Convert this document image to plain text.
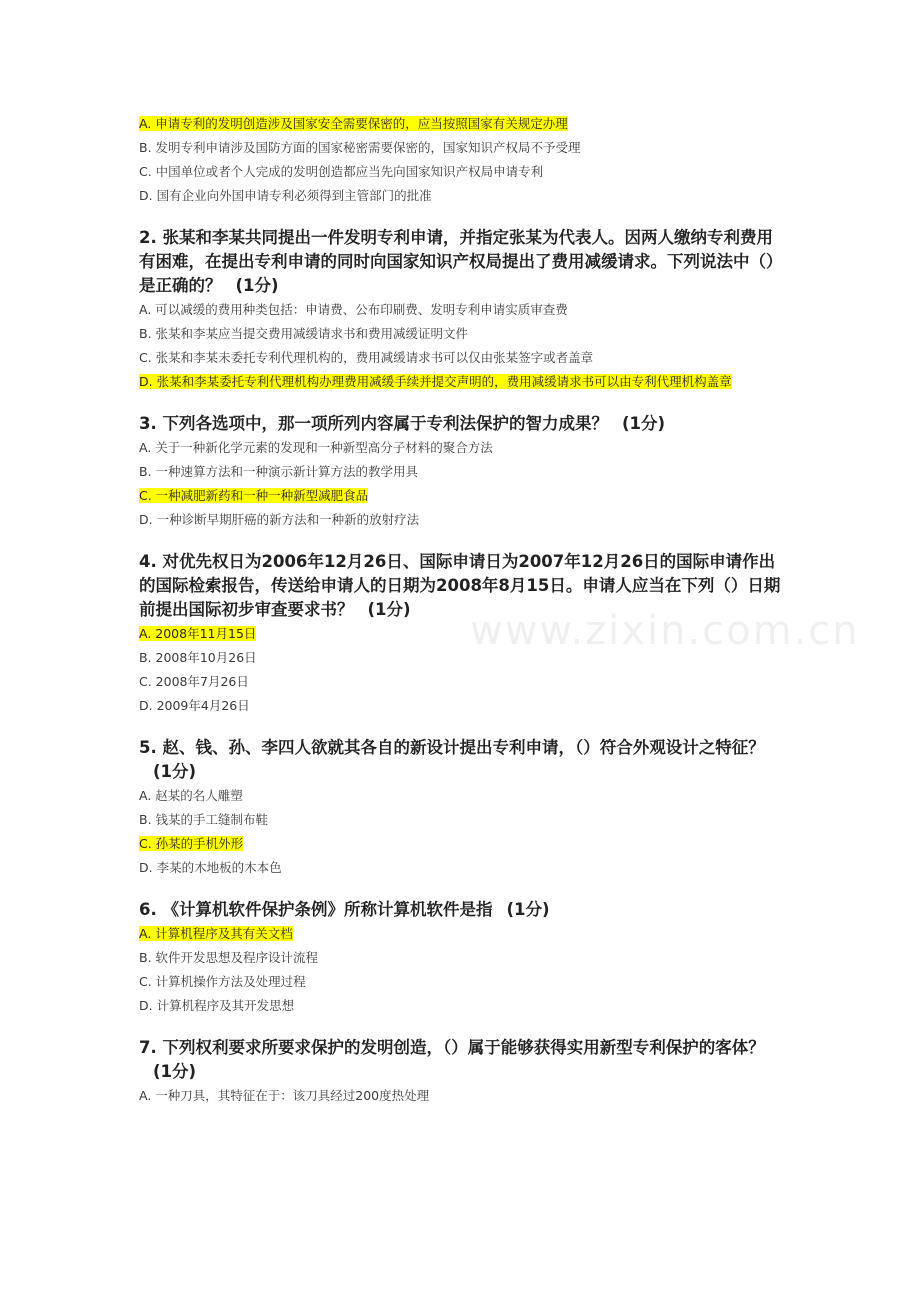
www.zixin.com.cn
A. 申请专利的发明创造涉及国家安全需要保密的，应当按照国家有关规定办理
B. 发明专利申请涉及国防方面的国家秘密需要保密的，国家知识产权局不予受理
C. 中国单位或者个人完成的发明创造都应当先向国家知识产权局申请专利
D. 国有企业向外国申请专利必须得到主管部门的批准
2. 张某和李某共同提出一件发明专利申请，并指定张某为代表人。因两人缴纳专利费用有困难，在提出专利申请的同时向国家知识产权局提出了费用减缓请求。下列说法中（）是正确的？ (1分)
A. 可以减缓的费用种类包括：申请费、公布印刷费、发明专利申请实质审查费
B. 张某和李某应当提交费用减缓请求书和费用减缓证明文件
C. 张某和李某未委托专利代理机构的，费用减缓请求书可以仅由张某签字或者盖章
D. 张某和李某委托专利代理机构办理费用减缓手续并提交声明的，费用减缓请求书可以由专利代理机构盖章
3. 下列各选项中，那一项所列内容属于专利法保护的智力成果？ (1分)
A. 关于一种新化学元素的发现和一种新型高分子材料的聚合方法
B. 一种速算方法和一种演示新计算方法的教学用具
C. 一种减肥新药和一种一种新型减肥食品
D. 一种诊断早期肝癌的新方法和一种新的放射疗法
4. 对优先权日为2006年12月26日、国际申请日为2007年12月26日的国际申请作出的国际检索报告，传送给申请人的日期为2008年8月15日。申请人应当在下列（）日期前提出国际初步审查要求书？ (1分)
A. 2008年11月15日
B. 2008年10月26日
C. 2008年7月26日
D. 2009年4月26日
5. 赵、钱、孙、李四人欲就其各自的新设计提出专利申请，（）符合外观设计之特征？(1分)
A. 赵某的名人雕塑
B. 钱某的手工缝制布鞋
C. 孙某的手机外形
D. 李某的木地板的木本色
6. 《计算机软件保护条例》所称计算机软件是指 (1分)
A. 计算机程序及其有关文档
B. 软件开发思想及程序设计流程
C. 计算机操作方法及处理过程
D. 计算机程序及其开发思想
7. 下列权利要求所要求保护的发明创造，（）属于能够获得实用新型专利保护的客体？(1分)
A. 一种刀具，其特征在于：该刀具经过200度热处理
